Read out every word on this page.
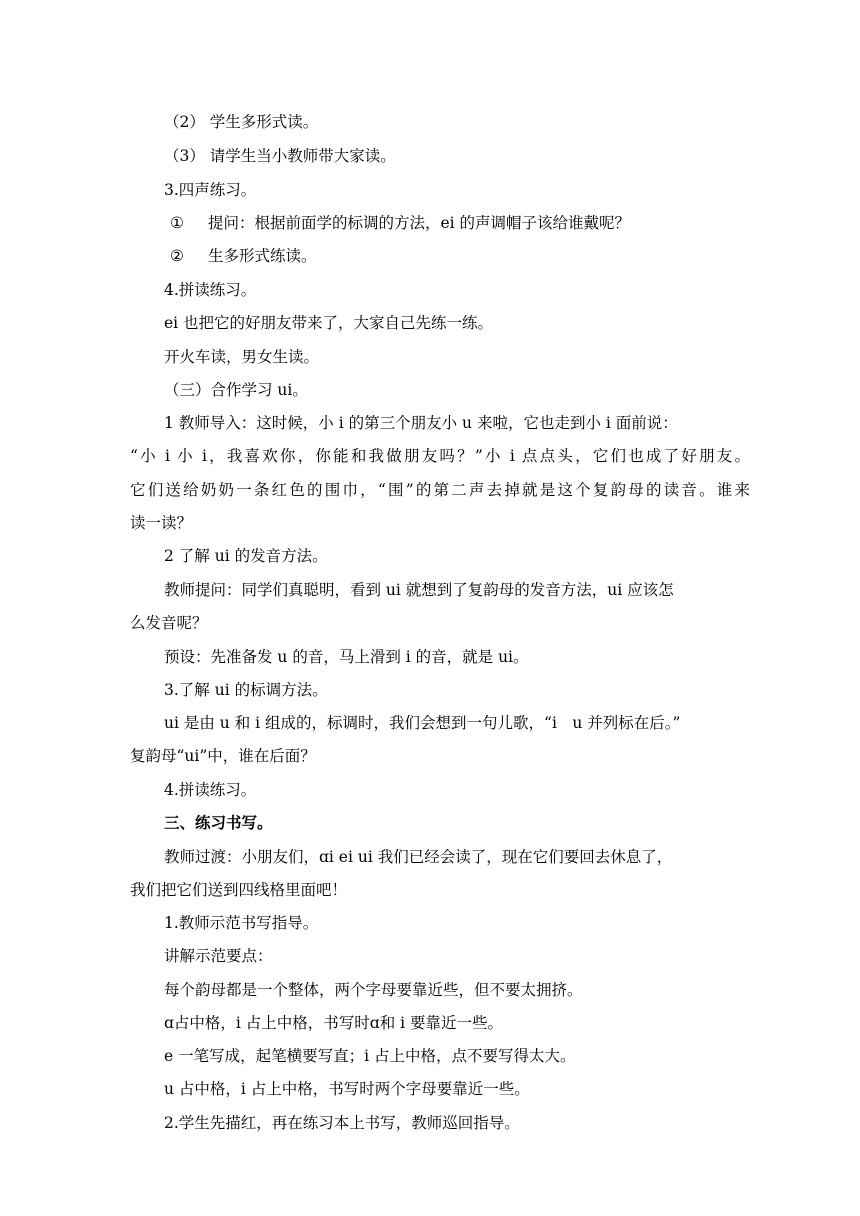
（2） 学生多形式读。
（3） 请学生当小教师带大家读。
3.四声练习。
① 提问：根据前面学的标调的方法，ei 的声调帽子该给谁戴呢？
② 生多形式练读。
4.拼读练习。
ei 也把它的好朋友带来了，大家自己先练一练。
开火车读，男女生读。
（三）合作学习 ui。
1 教师导入：这时候，小 i 的第三个朋友小 u 来啦，它也走到小 i 面前说：
“小 i 小 i，我喜欢你，你能和我做朋友吗？”小 i 点点头，它们也成了好朋友。
它们送给奶奶一条红色的围巾，“围”的第二声去掉就是这个复韵母的读音。谁来
读一读？
2 了解 ui 的发音方法。
教师提问：同学们真聪明，看到 ui 就想到了复韵母的发音方法，ui 应该怎
么发音呢？
预设：先准备发 u 的音，马上滑到 i 的音，就是 ui。
3.了解 ui 的标调方法。
ui 是由 u 和 i 组成的，标调时，我们会想到一句儿歌，“i　u 并列标在后。”
复韵母“ui”中，谁在后面？
4.拼读练习。
三、练习书写。
教师过渡：小朋友们，ɑi ei ui 我们已经会读了，现在它们要回去休息了，
我们把它们送到四线格里面吧！
1.教师示范书写指导。
讲解示范要点：
每个韵母都是一个整体，两个字母要靠近些，但不要太拥挤。
ɑ占中格，i 占上中格，书写时ɑ和 i 要靠近一些。
e 一笔写成，起笔横要写直；i 占上中格，点不要写得太大。
u 占中格，i 占上中格，书写时两个字母要靠近一些。
2.学生先描红，再在练习本上书写，教师巡回指导。
